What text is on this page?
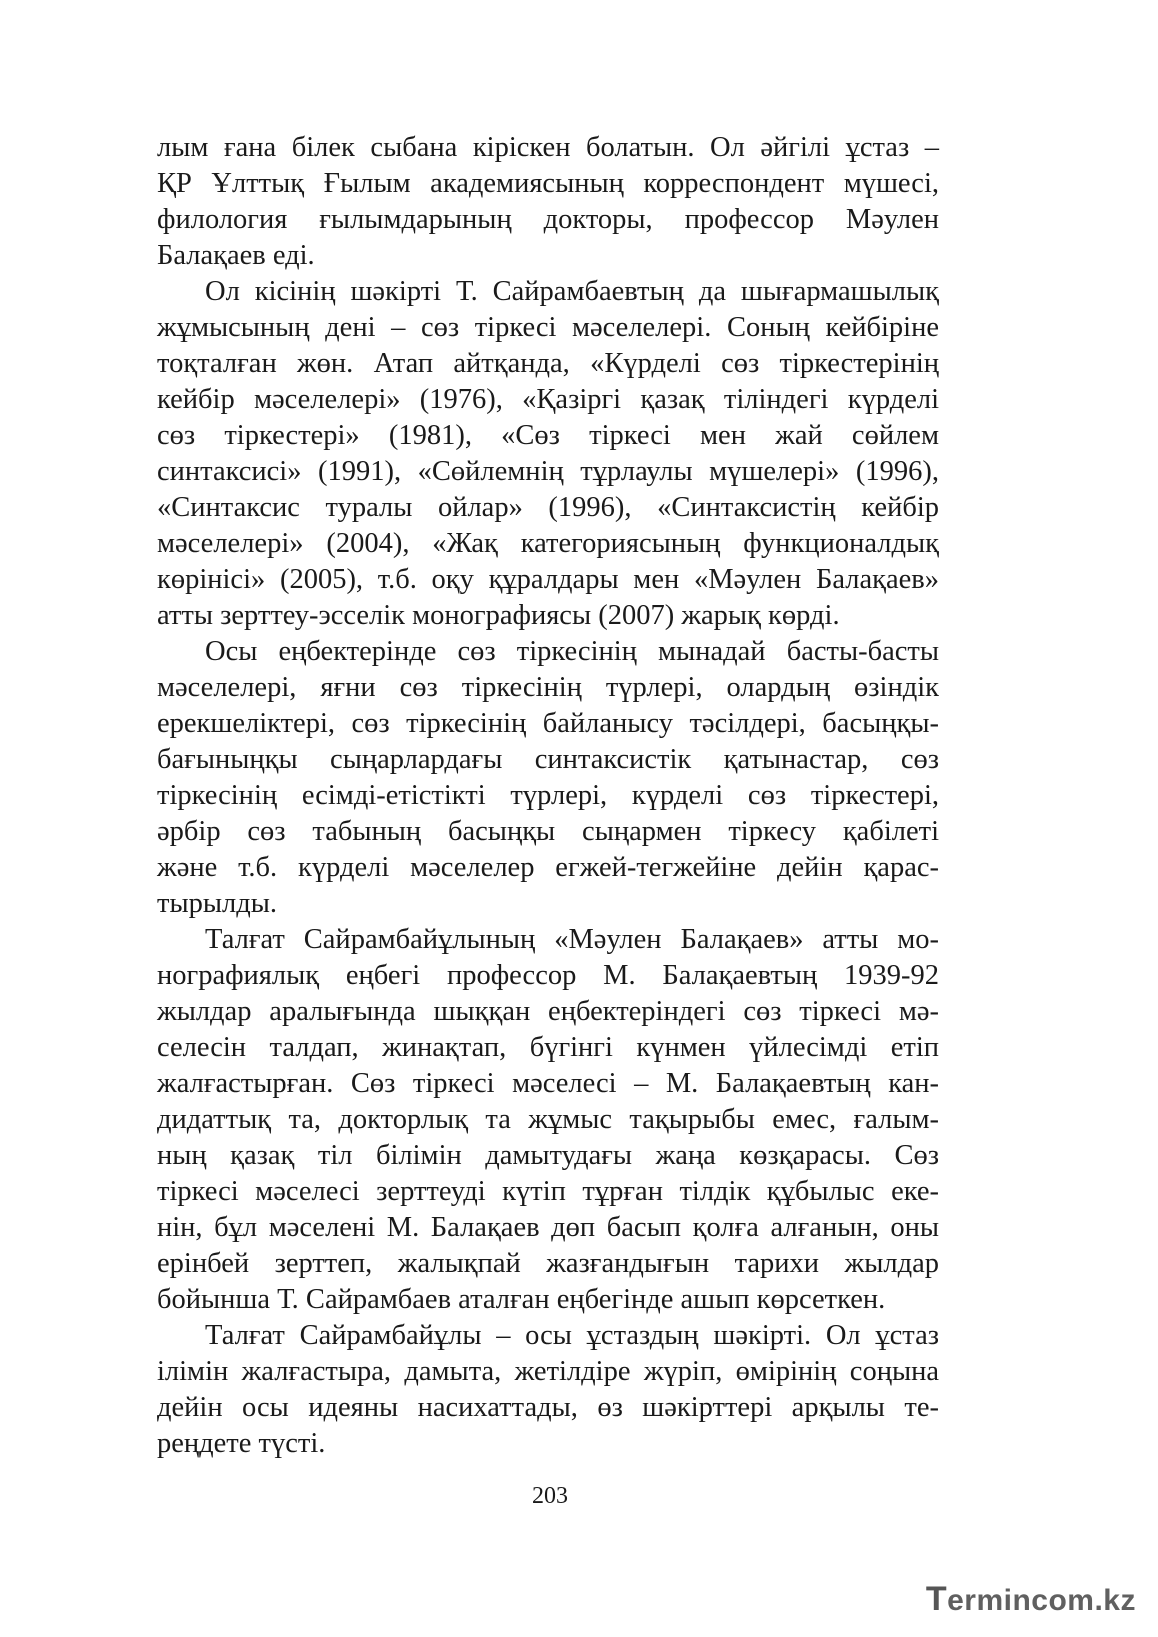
лым ғана білек сыбана кіріскен болатын. Ол әйгілі ұстаз –
ҚР Ұлттық Ғылым академиясының корреспондент мүшесі,
филология ғылымдарының докторы, профессор Мәулен
Балақаев еді.
Ол кісінің шәкірті Т. Сайрамбаевтың да шығармашылық
жұмысының дені – сөз тіркесі мәселелері. Соның кейбіріне
тоқталған жөн. Атап айтқанда, «Күрделі сөз тіркестерінің
кейбір мәселелері» (1976), «Қазіргі қазақ тіліндегі күрделі
сөз тіркестері» (1981), «Сөз тіркесі мен жай сөйлем
синтаксисі» (1991), «Сөйлемнің тұрлаулы мүшелері» (1996),
«Синтаксис туралы ойлар» (1996), «Синтаксистің кейбір
мәселелері» (2004), «Жақ категориясының функционалдық
көрінісі» (2005), т.б. оқу құралдары мен «Мәулен Балақаев»
атты зерттеу-эсселік монографиясы (2007) жарық көрді.
Осы еңбектерінде сөз тіркесінің мынадай басты-басты
мәселелері, яғни сөз тіркесінің түрлері, олардың өзіндік
ерекшеліктері, сөз тіркесінің байланысу тәсілдері, басыңқы-
бағыныңқы сыңарлардағы синтаксистік қатынастар, сөз
тіркесінің есімді-етістікті түрлері, күрделі сөз тіркестері,
әрбір сөз табының басыңқы сыңармен тіркесу қабілеті
және т.б. күрделі мәселелер егжей-тегжейіне дейін қарас-
тырылды.
Талғат Сайрамбайұлының «Мәулен Балақаев» атты мо-
нографиялық еңбегі профессор М. Балақаевтың 1939-92
жылдар аралығында шыққан еңбектеріндегі сөз тіркесі мә-
селесін талдап, жинақтап, бүгінгі күнмен үйлесімді етіп
жалғастырған. Сөз тіркесі мәселесі – М. Балақаевтың кан-
дидаттық та, докторлық та жұмыс тақырыбы емес, ғалым-
ның қазақ тіл білімін дамытудағы жаңа көзқарасы. Сөз
тіркесі мәселесі зерттеуді күтіп тұрған тілдік құбылыс еке-
нін, бұл мәселені М. Балақаев дөп басып қолға алғанын, оны
ерінбей зерттеп, жалықпай жазғандығын тарихи жылдар
бойынша Т. Сайрамбаев аталған еңбегінде ашып көрсеткен.
Талғат Сайрамбайұлы – осы ұстаздың шәкірті. Ол ұстаз
ілімін жалғастыра, дамыта, жетілдіре жүріп, өмірінің соңына
дейін осы идеяны насихаттады, өз шәкірттері арқылы те-
реңдете түсті.
203
Termincom.kz
